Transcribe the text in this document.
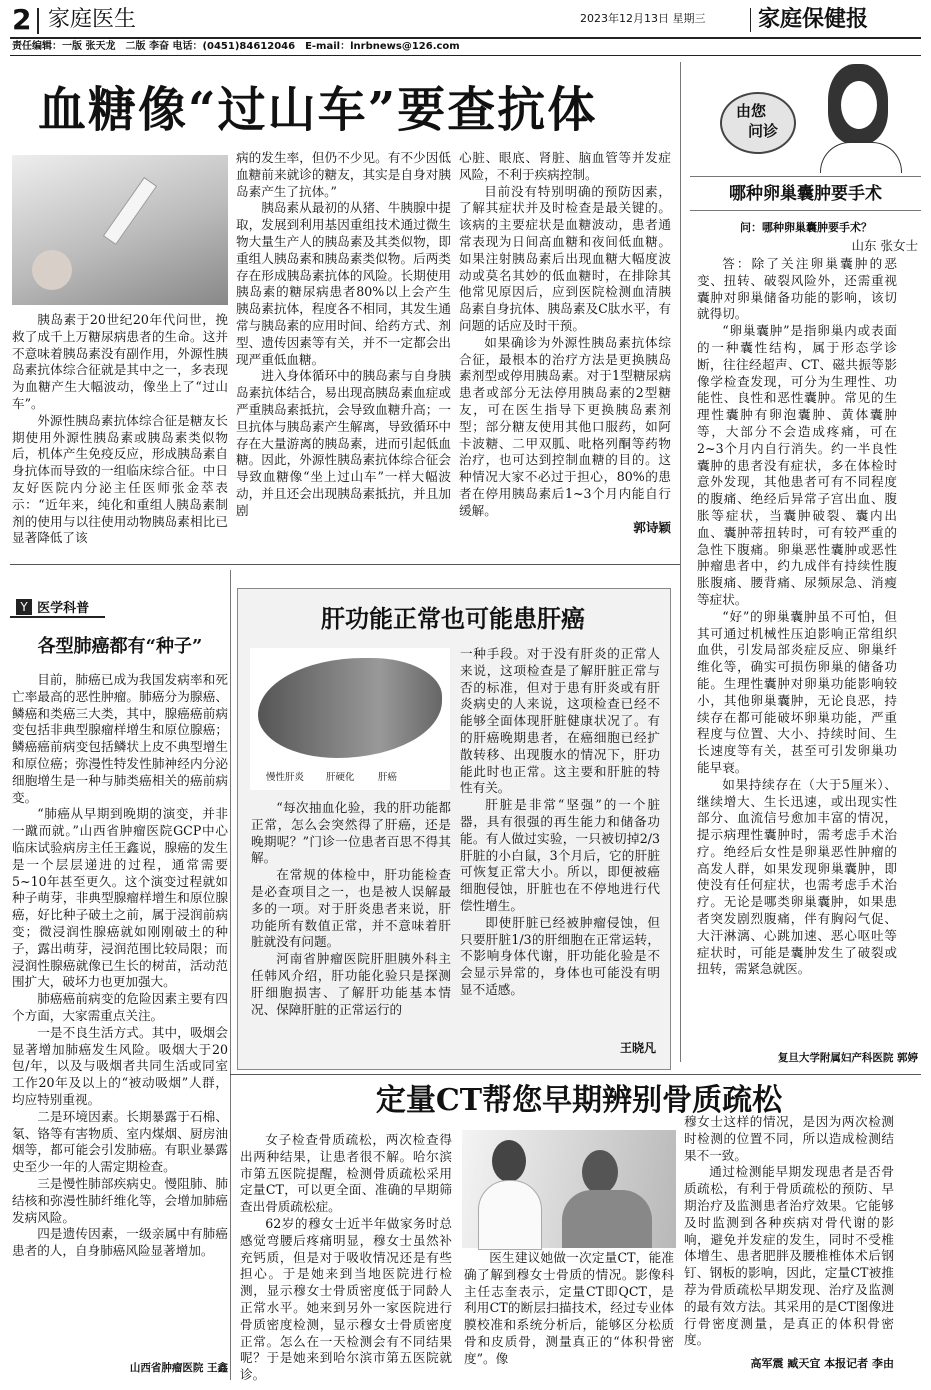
2 家庭医生	2023年12月13日 星期三 家庭保健报
责任编辑：一版 张天龙　二版 李奋 电话：(0451)84612046　E-mail：lnrbnews@126.com
血糖像“过山车”要查抗体

胰岛素于20世纪20年代问世，挽救了成千上万糖尿病患者的生命。这并不意味着胰岛素没有副作用，外源性胰岛素抗体综合征就是其中之一，多表现为血糖产生大幅波动，像坐上了“过山车”。

外源性胰岛素抗体综合征是糖友长期使用外源性胰岛素或胰岛素类似物后，机体产生免疫反应，形成胰岛素自身抗体而导致的一组临床综合征。中日友好医院内分泌主任医师张金萃表示：“近年来，纯化和重组人胰岛素制剂的使用与以往使用动物胰岛素相比已显著降低了该

病的发生率，但仍不少见。有不少因低血糖前来就诊的糖友，其实是自身对胰岛素产生了抗体。”

胰岛素从最初的从猪、牛胰腺中提取，发展到利用基因重组技术通过微生物大量生产人的胰岛素及其类似物，即重组人胰岛素和胰岛素类似物。后两类存在形成胰岛素抗体的风险。长期使用胰岛素的糖尿病患者80%以上会产生胰岛素抗体，程度各不相同，其发生通常与胰岛素的应用时间、给药方式、剂型、遗传因素等有关，并不一定都会出现严重低血糖。

进入身体循环中的胰岛素与自身胰岛素抗体结合，易出现高胰岛素血症或严重胰岛素抵抗，会导致血糖升高；一旦抗体与胰岛素产生解离，导致循环中存在大量游离的胰岛素，进而引起低血糖。因此，外源性胰岛素抗体综合征会导致血糖像“坐上过山车”一样大幅波动，并且还会出现胰岛素抵抗，并且加剧

心脏、眼底、肾脏、脑血管等并发症风险，不利于疾病控制。

目前没有特别明确的预防因素，了解其症状并及时检查是最关键的。该病的主要症状是血糖波动，患者通常表现为日间高血糖和夜间低血糖。如果注射胰岛素后出现血糖大幅度波动或莫名其妙的低血糖时，在排除其他常见原因后，应到医院检测血清胰岛素自身抗体、胰岛素及C肽水平，有问题的话应及时干预。

如果确诊为外源性胰岛素抗体综合征，最根本的治疗方法是更换胰岛素剂型或停用胰岛素。对于1型糖尿病患者或部分无法停用胰岛素的2型糖友，可在医生指导下更换胰岛素剂型；部分糖友使用其他口服药，如阿卡波糖、二甲双胍、吡格列酮等药物治疗，也可达到控制血糖的目的。这种情况大家不必过于担心，80%的患者在停用胰岛素后1~3个月内能自行缓解。

郭诗颖

由您
问诊
哪种卵巢囊肿要手术
问：哪种卵巢囊肿要手术？
山东 张女士

答：除了关注卵巢囊肿的恶变、扭转、破裂风险外，还需重视囊肿对卵巢储备功能的影响，该切就得切。

“卵巢囊肿”是指卵巢内或表面的一种囊性结构，属于形态学诊断，往往经超声、CT、磁共振等影像学检查发现，可分为生理性、功能性、良性和恶性囊肿。常见的生理性囊肿有卵泡囊肿、黄体囊肿等，大部分不会造成疼痛，可在2~3个月内自行消失。约一半良性囊肿的患者没有症状，多在体检时意外发现，其他患者可有不同程度的腹痛、绝经后异常子宫出血、腹胀等症状，当囊肿破裂、囊内出血、囊肿蒂扭转时，可有较严重的急性下腹痛。卵巢恶性囊肿或恶性肿瘤患者中，约九成伴有持续性腹胀腹痛、腰背痛、尿频尿急、消瘦等症状。

“好”的卵巢囊肿虽不可怕，但其可通过机械性压迫影响正常组织血供，引发局部炎症反应、卵巢纤维化等，确实可损伤卵巢的储备功能。生理性囊肿对卵巢功能影响较小，其他卵巢囊肿，无论良恶，持续存在都可能破坏卵巢功能，严重程度与位置、大小、持续时间、生长速度等有关，甚至可引发卵巢功能早衰。

如果持续存在（大于5厘米）、继续增大、生长迅速，或出现实性部分、血流信号愈加丰富的情况，提示病理性囊肿时，需考虑手术治疗。绝经后女性是卵巢恶性肿瘤的高发人群，如果发现卵巢囊肿，即使没有任何症状，也需考虑手术治疗。无论是哪类卵巢囊肿，如果患者突发剧烈腹痛，伴有胸闷气促、大汗淋漓、心跳加速、恶心呕吐等症状时，可能是囊肿发生了破裂或扭转，需紧急就医。

复旦大学附属妇产科医院 郭婷
Y 医学科普
各型肺癌都有“种子”

目前，肺癌已成为我国发病率和死亡率最高的恶性肿瘤。肺癌分为腺癌、鳞癌和类癌三大类，其中，腺癌癌前病变包括非典型腺瘤样增生和原位腺癌；鳞癌癌前病变包括鳞状上皮不典型增生和原位癌；弥漫性特发性肺神经内分泌细胞增生是一种与肺类癌相关的癌前病变。

“肺癌从早期到晚期的演变，并非一蹴而就。”山西省肿瘤医院GCP中心临床试验病房主任王鑫说，腺癌的发生是一个层层递进的过程，通常需要5~10年甚至更久。这个演变过程就如种子萌芽，非典型腺瘤样增生和原位腺癌，好比种子破土之前，属于浸润前病变；微浸润性腺癌就如刚刚破土的种子，露出萌芽，浸润范围比较局限；而浸润性腺癌就像已生长的树苗，活动范围扩大，破坏力也更加强大。

肺癌癌前病变的危险因素主要有四个方面，大家需重点关注。

一是不良生活方式。其中，吸烟会显著增加肺癌发生风险。吸烟大于20包/年，以及与吸烟者共同生活或同室工作20年及以上的“被动吸烟”人群，均应特别重视。

二是环境因素。长期暴露于石棉、氡、铬等有害物质、室内煤烟、厨房油烟等，都可能会引发肺癌。有职业暴露史至少一年的人需定期检查。

三是慢性肺部疾病史。慢阻肺、肺结核和弥漫性肺纤维化等，会增加肺癌发病风险。

四是遗传因素，一级亲属中有肺癌患者的人，自身肺癌风险显著增加。

山西省肿瘤医院 王鑫
肝功能正常也可能患肝癌
慢性肝炎 肝硬化 肝癌

“每次抽血化验，我的肝功能都正常，怎么会突然得了肝癌，还是晚期呢？”门诊一位患者百思不得其解。

在常规的体检中，肝功能检查是必查项目之一，也是被人误解最多的一项。对于肝炎患者来说，肝功能所有数值正常，并不意味着肝脏就没有问题。

河南省肿瘤医院肝胆胰外科主任韩风介绍，肝功能化验只是探测肝细胞损害、了解肝功能基本情况、保障肝脏的正常运行的

一种手段。对于没有肝炎的正常人来说，这项检查是了解肝脏正常与否的标准，但对于患有肝炎或有肝炎病史的人来说，这项检查已经不能够全面体现肝脏健康状况了。有的肝癌晚期患者，在癌细胞已经扩散转移、出现腹水的情况下，肝功能此时也正常。这主要和肝脏的特性有关。

肝脏是非常“坚强”的一个脏器，具有很强的再生能力和储备功能。有人做过实验，一只被切掉2/3肝脏的小白鼠，3个月后，它的肝脏可恢复正常大小。所以，即便被癌细胞侵蚀，肝脏也在不停地进行代偿性增生。

即使肝脏已经被肿瘤侵蚀，但只要肝脏1/3的肝细胞在正常运转，不影响身体代谢，肝功能化验是不会显示异常的，身体也可能没有明显不适感。

王晓凡
定量CT帮您早期辨别骨质疏松

女子检查骨质疏松，两次检查得出两种结果，让患者很不解。哈尔滨市第五医院提醒，检测骨质疏松采用定量CT，可以更全面、准确的早期筛查出骨质疏松症。

62岁的穆女士近半年做家务时总感觉弯腰后疼痛明显，穆女士虽然补充钙质，但是对于吸收情况还是有些担心。于是她来到当地医院进行检测，显示穆女士骨质密度低于同龄人正常水平。她来到另外一家医院进行骨质密度检测，显示穆女士骨质密度正常。怎么在一天检测会有不同结果呢？于是她来到哈尔滨市第五医院就诊。

医生建议她做一次定量CT，能准确了解到穆女士骨质的情况。影像科主任志奎表示，定量CT即QCT，是利用CT的断层扫描技术，经过专业体膜校准和系统分析后，能够区分松质骨和皮质骨，测量真正的“体积骨密度”。像

穆女士这样的情况，是因为两次检测时检测的位置不同，所以造成检测结果不一致。

通过检测能早期发现患者是否骨质疏松，有利于骨质疏松的预防、早期治疗及监测患者治疗效果。它能够及时监测到各种疾病对骨代谢的影响，避免并发症的发生，同时不受椎体增生、患者肥胖及腰椎椎体术后钢钉、钢板的影响，因此，定量CT被推荐为骨质疏松早期发现、治疗及监测的最有效方法。其采用的是CT图像进行骨密度测量，是真正的体积骨密度。

高军震 臧天宜 本报记者 李由
